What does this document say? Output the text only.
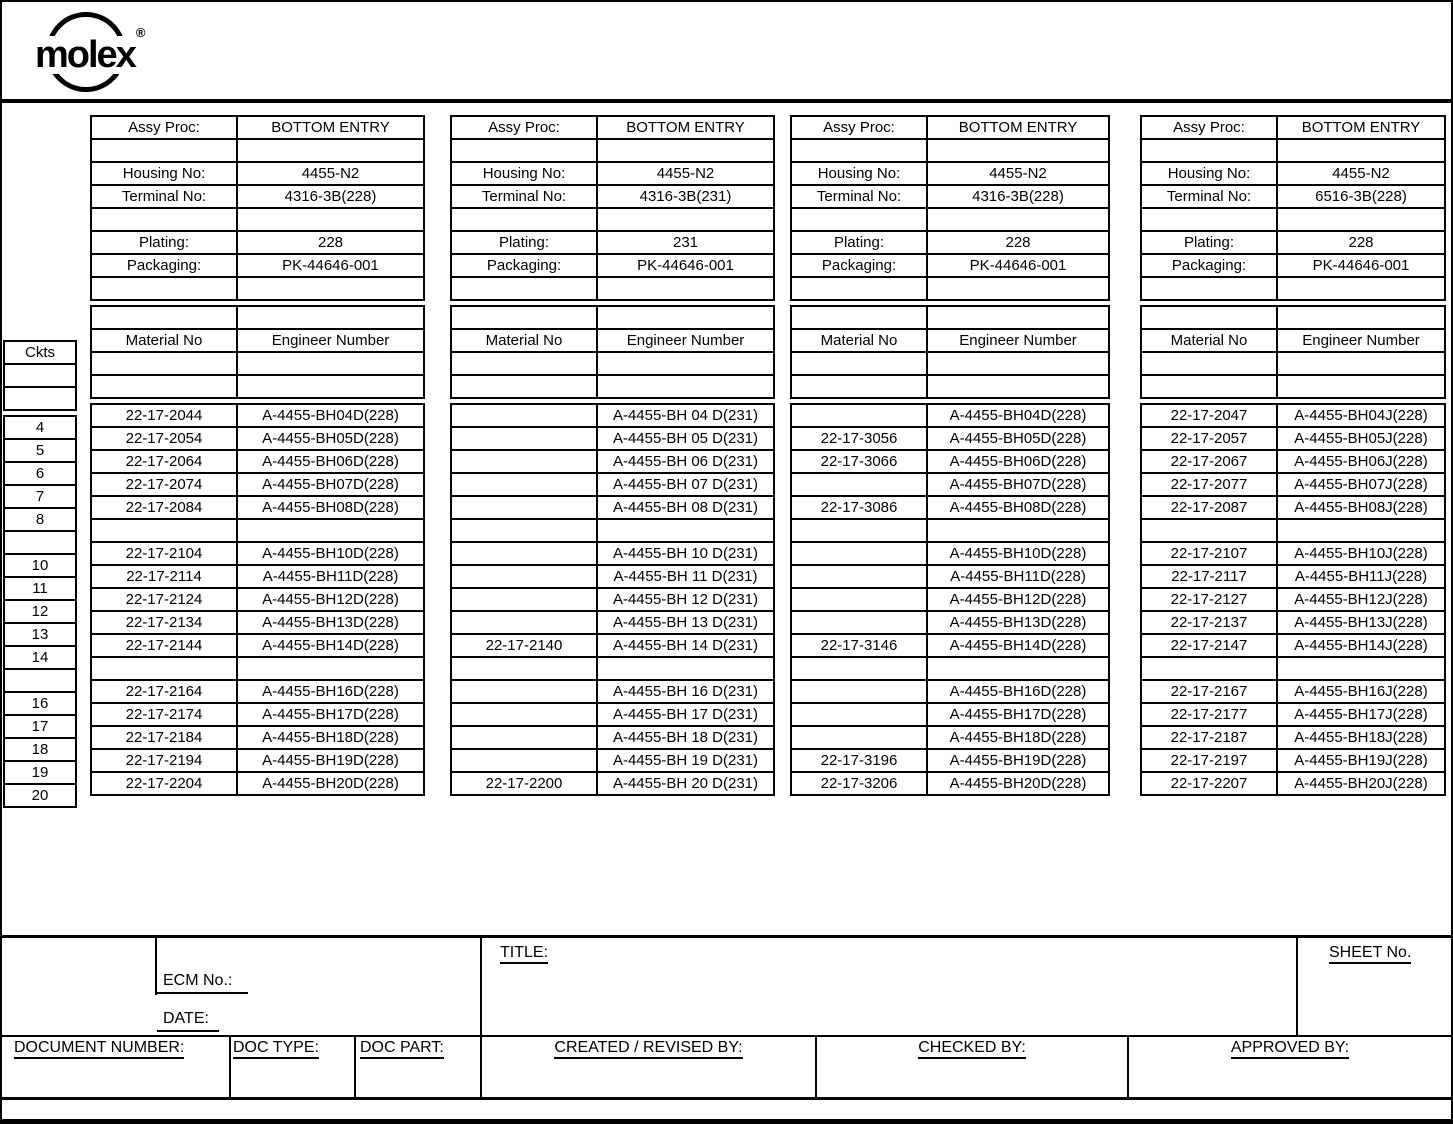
molex®
Ckts

4
5
6
7
8

10
11
12
13
14

16
17
18
19
20
Assy Proc:	BOTTOM ENTRY

Housing No:	4455-N2
Terminal No:	4316-3B(228)

Plating:	228
Packaging:	PK-44646-001

Material No	Engineer Number

22-17-2044	A-4455-BH04D(228)
22-17-2054	A-4455-BH05D(228)
22-17-2064	A-4455-BH06D(228)
22-17-2074	A-4455-BH07D(228)
22-17-2084	A-4455-BH08D(228)

22-17-2104	A-4455-BH10D(228)
22-17-2114	A-4455-BH11D(228)
22-17-2124	A-4455-BH12D(228)
22-17-2134	A-4455-BH13D(228)
22-17-2144	A-4455-BH14D(228)

22-17-2164	A-4455-BH16D(228)
22-17-2174	A-4455-BH17D(228)
22-17-2184	A-4455-BH18D(228)
22-17-2194	A-4455-BH19D(228)
22-17-2204	A-4455-BH20D(228)
Assy Proc:	BOTTOM ENTRY

Housing No:	4455-N2
Terminal No:	4316-3B(231)

Plating:	231
Packaging:	PK-44646-001

Material No	Engineer Number

	A-4455-BH 04 D(231)
	A-4455-BH 05 D(231)
	A-4455-BH 06 D(231)
	A-4455-BH 07 D(231)
	A-4455-BH 08 D(231)

	A-4455-BH 10 D(231)
	A-4455-BH 11 D(231)
	A-4455-BH 12 D(231)
	A-4455-BH 13 D(231)
22-17-2140	A-4455-BH 14 D(231)

	A-4455-BH 16 D(231)
	A-4455-BH 17 D(231)
	A-4455-BH 18 D(231)
	A-4455-BH 19 D(231)
22-17-2200	A-4455-BH 20 D(231)
Assy Proc:	BOTTOM ENTRY

Housing No:	4455-N2
Terminal No:	4316-3B(228)

Plating:	228
Packaging:	PK-44646-001

Material No	Engineer Number

	A-4455-BH04D(228)
22-17-3056	A-4455-BH05D(228)
22-17-3066	A-4455-BH06D(228)
	A-4455-BH07D(228)
22-17-3086	A-4455-BH08D(228)

	A-4455-BH10D(228)
	A-4455-BH11D(228)
	A-4455-BH12D(228)
	A-4455-BH13D(228)
22-17-3146	A-4455-BH14D(228)

	A-4455-BH16D(228)
	A-4455-BH17D(228)
	A-4455-BH18D(228)
22-17-3196	A-4455-BH19D(228)
22-17-3206	A-4455-BH20D(228)
Assy Proc:	BOTTOM ENTRY

Housing No:	4455-N2
Terminal No:	6516-3B(228)

Plating:	228
Packaging:	PK-44646-001

Material No	Engineer Number

22-17-2047	A-4455-BH04J(228)
22-17-2057	A-4455-BH05J(228)
22-17-2067	A-4455-BH06J(228)
22-17-2077	A-4455-BH07J(228)
22-17-2087	A-4455-BH08J(228)

22-17-2107	A-4455-BH10J(228)
22-17-2117	A-4455-BH11J(228)
22-17-2127	A-4455-BH12J(228)
22-17-2137	A-4455-BH13J(228)
22-17-2147	A-4455-BH14J(228)

22-17-2167	A-4455-BH16J(228)
22-17-2177	A-4455-BH17J(228)
22-17-2187	A-4455-BH18J(228)
22-17-2197	A-4455-BH19J(228)
22-17-2207	A-4455-BH20J(228)
ECM No.:
DATE:
TITLE:	SHEET No.
DOCUMENT NUMBER:	DOC TYPE:	DOC PART:	CREATED / REVISED BY:	CHECKED BY:	APPROVED BY:
